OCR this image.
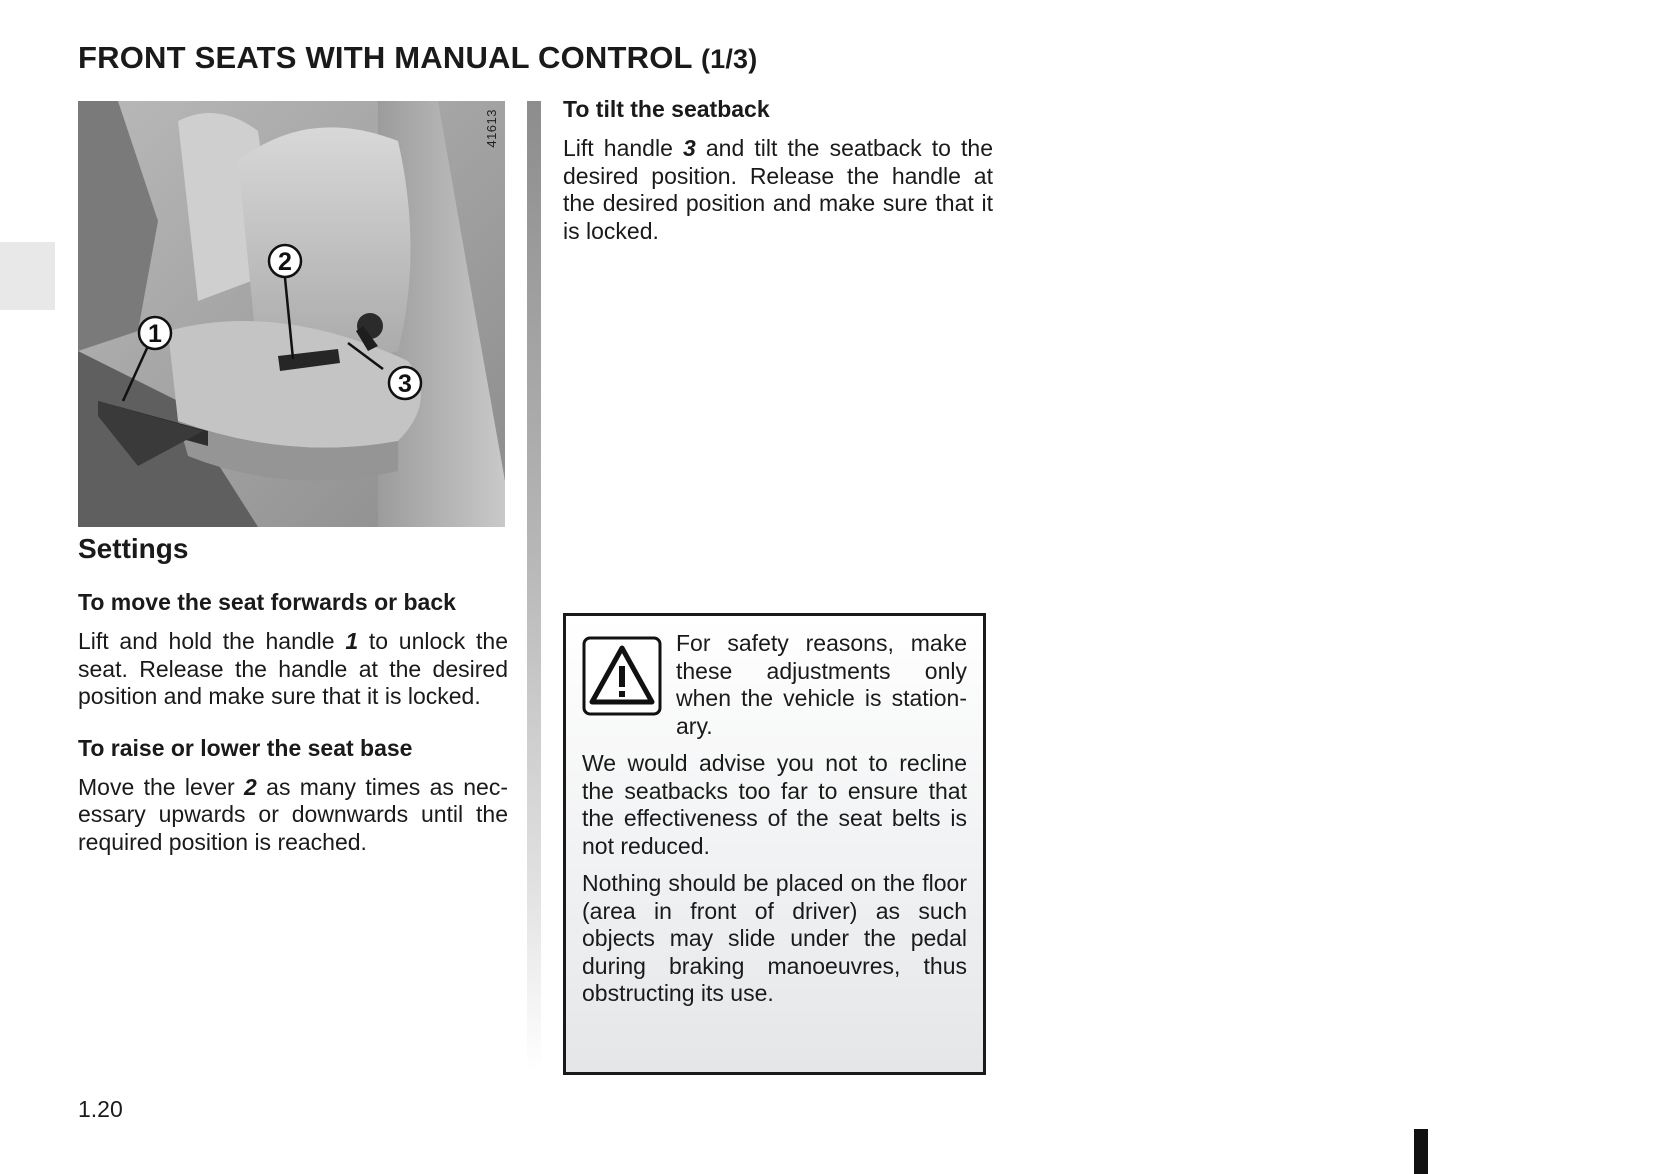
FRONT SEATS WITH MANUAL CONTROL (1/3)
1
2
3
41613
Settings
To move the seat forwards or back

Lift and hold the handle 1 to unlock the seat. Release the handle at the desired position and make sure that it is locked.

To raise or lower the seat base

Move the lever 2 as many times as nec-essary upwards or downwards until the required position is reached.

To tilt the seatback

Lift handle 3 and tilt the seatback to the desired position. Release the handle at the desired position and make sure that it is locked.

For safety reasons, make these adjustments only when the vehicle is station-ary.

We would advise you not to recline the seatbacks too far to ensure that the effectiveness of the seat belts is not reduced.

Nothing should be placed on the floor (area in front of driver) as such objects may slide under the pedal during braking manoeuvres, thus obstructing its use.

1.20
